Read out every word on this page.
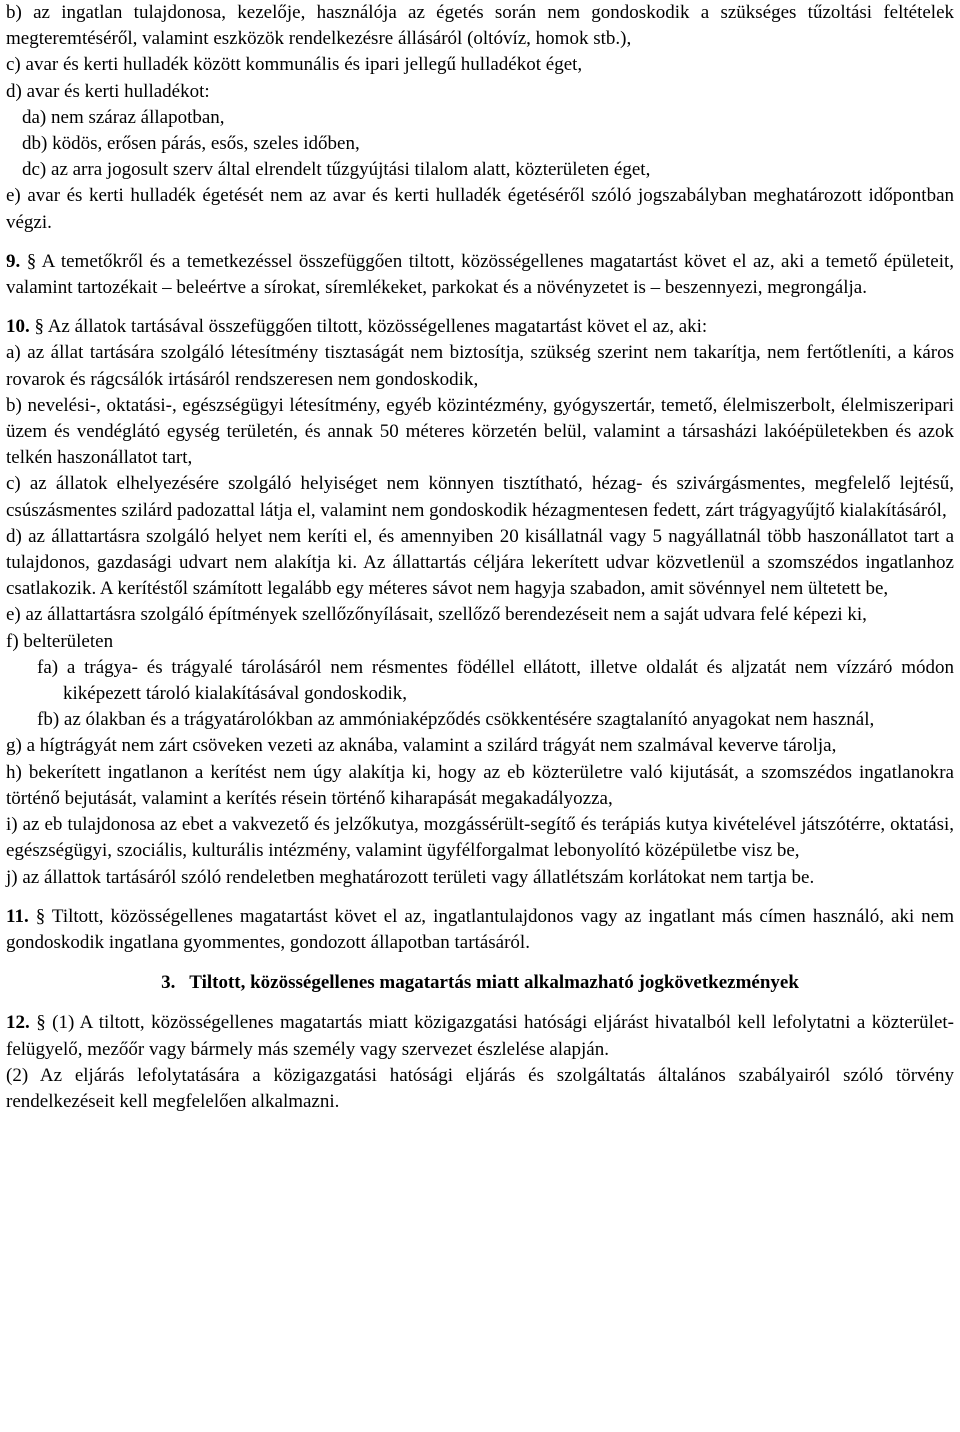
b) az ingatlan tulajdonosa, kezelője, használója az égetés során nem gondoskodik a szükséges tűzoltási feltételek megteremtéséről, valamint eszközök rendelkezésre állásáról (oltóvíz, homok stb.),

c) avar és kerti hulladék között kommunális és ipari jellegű hulladékot éget,

d) avar és kerti hulladékot:

da) nem száraz állapotban,

db) ködös, erősen párás, esős, szeles időben,

dc) az arra jogosult szerv által elrendelt tűzgyújtási tilalom alatt, közterületen éget,

e) avar és kerti hulladék égetését nem az avar és kerti hulladék égetéséről szóló jogszabályban meghatározott időpontban végzi.

9. § A temetőkről és a temetkezéssel összefüggően tiltott, közösségellenes magatartást követ el az, aki a temető épületeit, valamint tartozékait – beleértve a sírokat, síremlékeket, parkokat és a növényzetet is – beszennyezi, megrongálja.

10. § Az állatok tartásával összefüggően tiltott, közösségellenes magatartást követ el az, aki:

a) az állat tartására szolgáló létesítmény tisztaságát nem biztosítja, szükség szerint nem takarítja, nem fertőtleníti, a káros rovarok és rágcsálók irtásáról rendszeresen nem gondoskodik,

b) nevelési-, oktatási-, egészségügyi létesítmény, egyéb közintézmény, gyógyszertár, temető, élelmiszerbolt, élelmiszeripari üzem és vendéglátó egység területén, és annak 50 méteres körzetén belül, valamint a társasházi lakóépületekben és azok telkén haszonállatot tart,

c) az állatok elhelyezésére szolgáló helyiséget nem könnyen tisztítható, hézag- és szivárgásmentes, megfelelő lejtésű, csúszásmentes szilárd padozattal látja el, valamint nem gondoskodik hézagmentesen fedett, zárt trágyagyűjtő kialakításáról,

d) az állattartásra szolgáló helyet nem keríti el, és amennyiben 20 kisállatnál vagy 5 nagyállatnál több haszonállatot tart a tulajdonos, gazdasági udvart nem alakítja ki. Az állattartás céljára lekerített udvar közvetlenül a szomszédos ingatlanhoz csatlakozik. A kerítéstől számított legalább egy méteres sávot nem hagyja szabadon, amit sövénnyel nem ültetett be,

e) az állattartásra szolgáló építmények szellőzőnyílásait, szellőző berendezéseit nem a saját udvara felé képezi ki,

f) belterületen

fa) a trágya- és trágyalé tárolásáról nem résmentes födéllel ellátott, illetve oldalát és aljzatát nem vízzáró módon kiképezett tároló kialakításával gondoskodik,

fb) az ólakban és a trágyatárolókban az ammóniaképződés csökkentésére szagtalanító anyagokat nem használ,

g) a hígtrágyát nem zárt csöveken vezeti az aknába, valamint a szilárd trágyát nem szalmával keverve tárolja,

h) bekerített ingatlanon a kerítést nem úgy alakítja ki, hogy az eb közterületre való kijutását, a szomszédos ingatlanokra történő bejutását, valamint a kerítés résein történő kiharapását megakadályozza,

i) az eb tulajdonosa az ebet a vakvezető és jelzőkutya, mozgássérült-segítő és terápiás kutya kivételével játszótérre, oktatási, egészségügyi, szociális, kulturális intézmény, valamint ügyfélforgalmat lebonyolító középületbe visz be,

j) az állattok tartásáról szóló rendeletben meghatározott területi vagy állatlétszám korlátokat nem tartja be.

11. § Tiltott, közösségellenes magatartást követ el az, ingatlantulajdonos vagy az ingatlant más címen használó, aki nem gondoskodik ingatlana gyommentes, gondozott állapotban tartásáról.

3. Tiltott, közösségellenes magatartás miatt alkalmazható jogkövetkezmények

12. § (1) A tiltott, közösségellenes magatartás miatt közigazgatási hatósági eljárást hivatalból kell lefolytatni a közterület-felügyelő, mezőőr vagy bármely más személy vagy szervezet észlelése alapján.

(2) Az eljárás lefolytatására a közigazgatási hatósági eljárás és szolgáltatás általános szabályairól szóló törvény rendelkezéseit kell megfelelően alkalmazni.
